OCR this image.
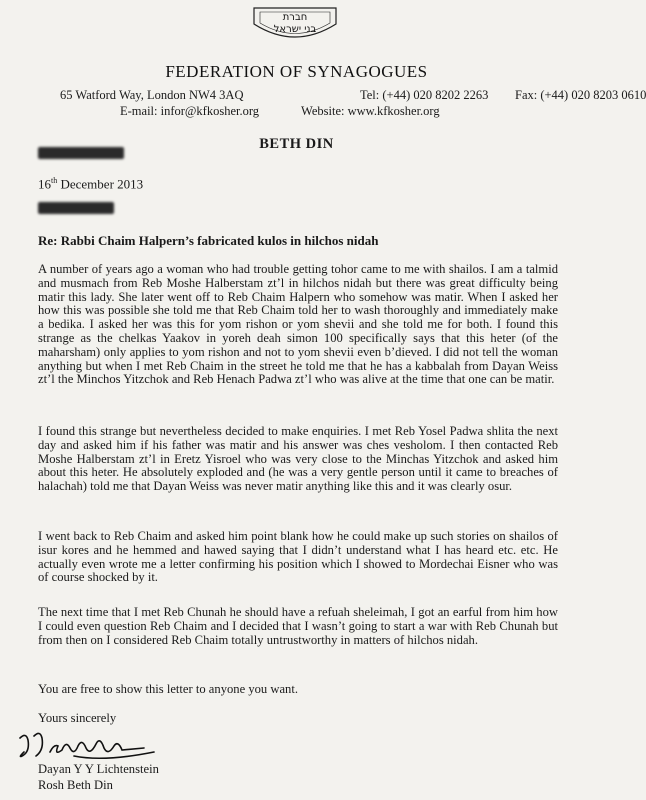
חברת
בני ישראל
FEDERATION OF SYNAGOGUES
65 Watford Way, London NW4 3AQ	Tel: (+44) 020 8202 2263 Fax: (+44) 020 8203 0610
E-mail: infor@kfkosher.org	Website: www.kfkosher.org
BETH DIN
16th December 2013
Re: Rabbi Chaim Halpern’s fabricated kulos in hilchos nidah

A number of years ago a woman who had trouble getting tohor came to me with shailos. I am a talmid and musmach from Reb Moshe Halberstam zt’l in hilchos nidah but there was great difficulty being matir this lady. She later went off to Reb Chaim Halpern who somehow was matir. When I asked her how this was possible she told me that Reb Chaim told her to wash thoroughly and immediately make a bedika. I asked her was this for yom rishon or yom shevii and she told me for both. I found this strange as the chelkas Yaakov in yoreh deah simon 100 specifically says that this heter (of the maharsham) only applies to yom rishon and not to yom shevii even b’dieved. I did not tell the woman anything but when I met Reb Chaim in the street he told me that he has a kabbalah from Dayan Weiss zt’l the Minchos Yitzchok and Reb Henach Padwa zt’l who was alive at the time that one can be matir.

I found this strange but nevertheless decided to make enquiries. I met Reb Yosel Padwa shlita the next day and asked him if his father was matir and his answer was ches vesholom. I then contacted Reb Moshe Halberstam zt’l in Eretz Yisroel who was very close to the Minchas Yitzchok and asked him about this heter. He absolutely exploded and (he was a very gentle person until it came to breaches of halachah) told me that Dayan Weiss was never matir anything like this and it was clearly osur.

I went back to Reb Chaim and asked him point blank how he could make up such stories on shailos of isur kores and he hemmed and hawed saying that I didn’t understand what I has heard etc. etc. He actually even wrote me a letter confirming his position which I showed to Mordechai Eisner who was of course shocked by it.

The next time that I met Reb Chunah he should have a refuah sheleimah, I got an earful from him how I could even question Reb Chaim and I decided that I wasn’t going to start a war with Reb Chunah but from then on I considered Reb Chaim totally untrustworthy in matters of hilchos nidah.

You are free to show this letter to anyone you want.

Yours sincerely
Dayan Y Y Lichtenstein
Rosh Beth Din
